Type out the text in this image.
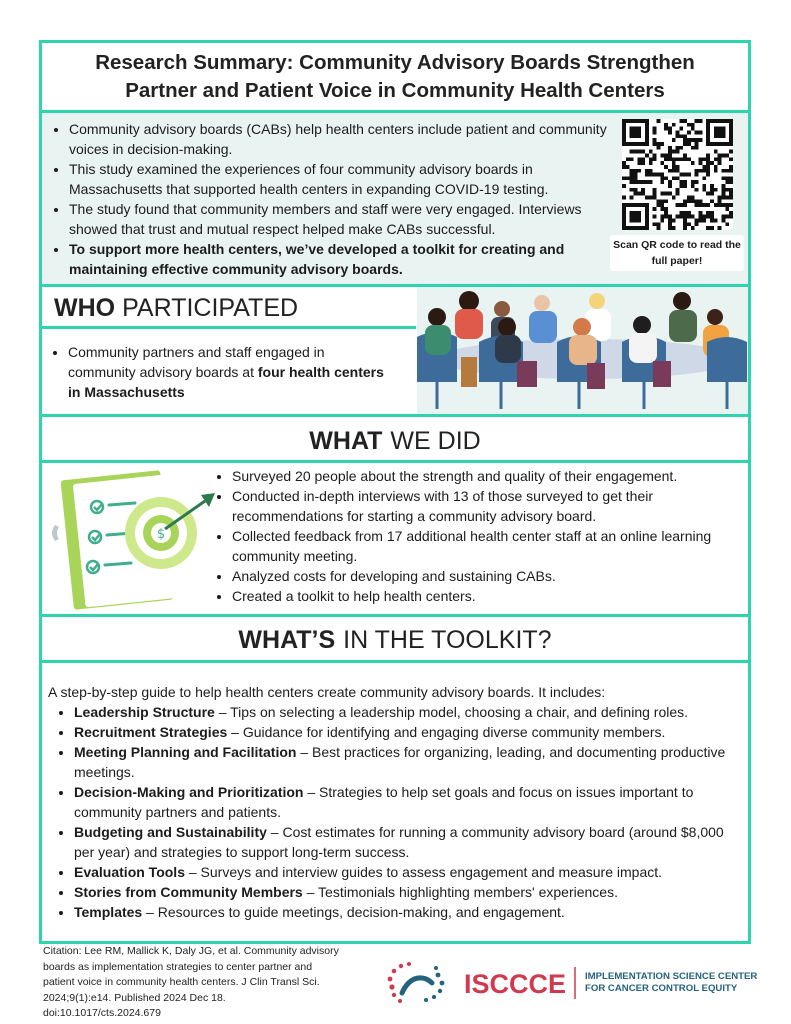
Research Summary: Community Advisory Boards Strengthen
Partner and Patient Voice in Community Health Centers
• Community advisory boards (CABs) help health centers include patient and community voices in decision-making.
• This study examined the experiences of four community advisory boards in Massachusetts that supported health centers in expanding COVID-19 testing.
• The study found that community members and staff were very engaged. Interviews showed that trust and mutual respect helped make CABs successful.
• To support more health centers, we’ve developed a toolkit for creating and maintaining effective community advisory boards.
Scan QR code to read the full paper!
WHO PARTICIPATED
• Community partners and staff engaged in community advisory boards at four health centers in Massachusetts
WHAT WE DID
$
• Surveyed 20 people about the strength and quality of their engagement.
• Conducted in-depth interviews with 13 of those surveyed to get their recommendations for starting a community advisory board.
• Collected feedback from 17 additional health center staff at an online learning community meeting.
• Analyzed costs for developing and sustaining CABs.
• Created a toolkit to help health centers.
WHAT’S IN THE TOOLKIT?

A step-by-step guide to help health centers create community advisory boards. It includes:

• Leadership Structure – Tips on selecting a leadership model, choosing a chair, and defining roles.
• Recruitment Strategies – Guidance for identifying and engaging diverse community members.
• Meeting Planning and Facilitation – Best practices for organizing, leading, and documenting productive meetings.
• Decision-Making and Prioritization – Strategies to help set goals and focus on issues important to community partners and patients.
• Budgeting and Sustainability – Cost estimates for running a community advisory board (around $8,000 per year) and strategies to support long-term success.
• Evaluation Tools – Surveys and interview guides to assess engagement and measure impact.
• Stories from Community Members – Testimonials highlighting members' experiences.
• Templates – Resources to guide meetings, decision-making, and engagement.

Citation: Lee RM, Mallick K, Daly JG, et al. Community advisory boards as implementation strategies to center partner and patient voice in community health centers. J Clin Transl Sci. 2024;9(1):e14. Published 2024 Dec 18. doi:10.1017/cts.2024.679

ISCCCE IMPLEMENTATION SCIENCE CENTER
FOR CANCER CONTROL EQUITY
